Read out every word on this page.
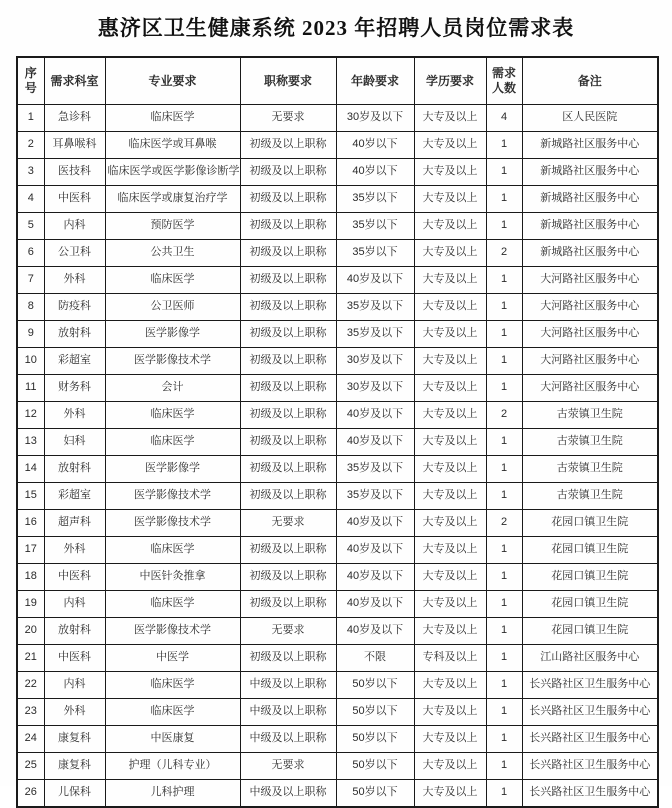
惠济区卫生健康系统 2023 年招聘人员岗位需求表
序号	需求科室	专业要求	职称要求	年龄要求	学历要求	需求人数	备注
1	急诊科	临床医学	无要求	30岁及以下	大专及以上	4	区人民医院
2	耳鼻喉科	临床医学或耳鼻喉	初级及以上职称	40岁以下	大专及以上	1	新城路社区服务中心
3	医技科	临床医学或医学影像诊断学	初级及以上职称	40岁以下	大专及以上	1	新城路社区服务中心
4	中医科	临床医学或康复治疗学	初级及以上职称	35岁以下	大专及以上	1	新城路社区服务中心
5	内科	预防医学	初级及以上职称	35岁以下	大专及以上	1	新城路社区服务中心
6	公卫科	公共卫生	初级及以上职称	35岁以下	大专及以上	2	新城路社区服务中心
7	外科	临床医学	初级及以上职称	40岁及以下	大专及以上	1	大河路社区服务中心
8	防疫科	公卫医师	初级及以上职称	35岁及以下	大专及以上	1	大河路社区服务中心
9	放射科	医学影像学	初级及以上职称	35岁及以下	大专及以上	1	大河路社区服务中心
10	彩超室	医学影像技术学	初级及以上职称	30岁及以下	大专及以上	1	大河路社区服务中心
11	财务科	会计	初级及以上职称	30岁及以下	大专及以上	1	大河路社区服务中心
12	外科	临床医学	初级及以上职称	40岁及以下	大专及以上	2	古荥镇卫生院
13	妇科	临床医学	初级及以上职称	40岁及以下	大专及以上	1	古荥镇卫生院
14	放射科	医学影像学	初级及以上职称	35岁及以下	大专及以上	1	古荥镇卫生院
15	彩超室	医学影像技术学	初级及以上职称	35岁及以下	大专及以上	1	古荥镇卫生院
16	超声科	医学影像技术学	无要求	40岁及以下	大专及以上	2	花园口镇卫生院
17	外科	临床医学	初级及以上职称	40岁及以下	大专及以上	1	花园口镇卫生院
18	中医科	中医针灸推拿	初级及以上职称	40岁及以下	大专及以上	1	花园口镇卫生院
19	内科	临床医学	初级及以上职称	40岁及以下	大专及以上	1	花园口镇卫生院
20	放射科	医学影像技术学	无要求	40岁及以下	大专及以上	1	花园口镇卫生院
21	中医科	中医学	初级及以上职称	不限	专科及以上	1	江山路社区服务中心
22	内科	临床医学	中级及以上职称	50岁以下	大专及以上	1	长兴路社区卫生服务中心
23	外科	临床医学	中级及以上职称	50岁以下	大专及以上	1	长兴路社区卫生服务中心
24	康复科	中医康复	中级及以上职称	50岁以下	大专及以上	1	长兴路社区卫生服务中心
25	康复科	护理（儿科专业）	无要求	50岁以下	大专及以上	1	长兴路社区卫生服务中心
26	儿保科	儿科护理	中级及以上职称	50岁以下	大专及以上	1	长兴路社区卫生服务中心
